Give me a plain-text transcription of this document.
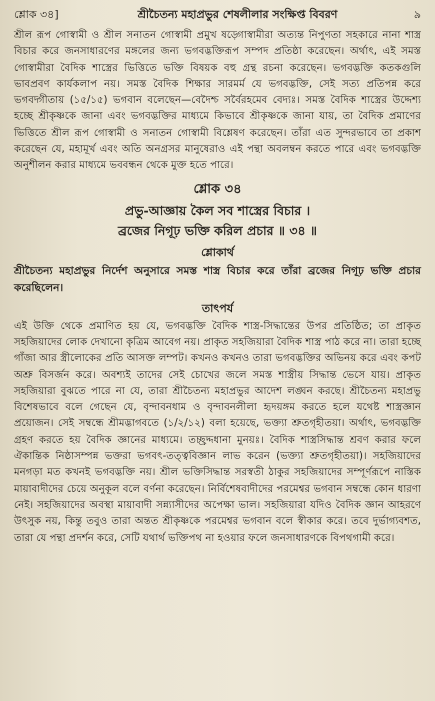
শ্লোক ৩৪]	শ্রীচৈতন্য মহাপ্রভুর শেষলীলার সংক্ষিপ্ত বিবরণ	৯

শ্রীল রূপ গোস্বামী ও শ্রীল সনাতন গোস্বামী প্রমুখ ষড়্গোস্বামীরা অত্যন্ত নিপুণতা সহকারে নানা শাস্ত্র বিচার করে জনসাধারণের মঙ্গলের জন্য ভগবদ্ভক্তিরূপ সম্পদ প্রতিষ্ঠা করেছেন। অর্থাৎ, এই সমস্ত গোস্বামীরা বৈদিক শাস্ত্রের ভিত্তিতে ভক্তি বিষয়ক বহু গ্রন্থ রচনা করেছেন। ভগবদ্ভক্তি কতকগুলি ভাবপ্রবণ কার্যকলাপ নয়। সমস্ত বৈদিক শিক্ষার সারমর্ম যে ভগবদ্ভক্তি, সেই সত্য প্রতিপন্ন করে ভগবদ্গীতায় (১৫/১৫) ভগবান বলেছেন—বেদৈশ্চ সর্বৈরহমেব বেদ্যঃ। সমস্ত বৈদিক শাস্ত্রের উদ্দেশ্য হচ্ছে শ্রীকৃষ্ণকে জানা এবং ভগবদ্ভক্তির মাধ্যমে কিভাবে শ্রীকৃষ্ণকে জানা যায়, তা বৈদিক প্রমাণের ভিত্তিতে শ্রীল রূপ গোস্বামী ও সনাতন গোস্বামী বিশ্লেষণ করেছেন। তাঁরা এত সুন্দরভাবে তা প্রকাশ করেছেন যে, মহামূর্খ এবং অতি অনগ্রসর মানুষেরাও এই পন্থা অবলম্বন করতে পারে এবং ভগবদ্ভক্তি অনুশীলন করার মাধ্যমে ভববন্ধন থেকে মুক্ত হতে পারে।

শ্লোক ৩৪
প্রভু-আজ্ঞায় কৈল সব শাস্ত্রের বিচার ।
ব্রজের নিগূঢ় ভক্তি করিল প্রচার ॥ ৩৪ ॥
শ্লোকার্থ

শ্রীচৈতন্য মহাপ্রভুর নির্দেশ অনুসারে সমস্ত শাস্ত্র বিচার করে তাঁরা ব্রজের নিগূঢ় ভক্তি প্রচার করেছিলেন।

তাৎপর্য

এই উক্তি থেকে প্রমাণিত হয় যে, ভগবদ্ভক্তি বৈদিক শাস্ত্র-সিদ্ধান্তের উপর প্রতিষ্ঠিত; তা প্রাকৃত সহজিয়াদের লোক দেখানো কৃত্রিম আবেগ নয়। প্রাকৃত সহজিয়ারা বৈদিক শাস্ত্র পাঠ করে না। তারা হচ্ছে গাঁজা আর স্ত্রীলোকের প্রতি আসক্ত লম্পট। কখনও কখনও তারা ভগবদ্ভক্তির অভিনয় করে এবং কপট অশ্রু বিসর্জন করে। অবশ্যই তাদের সেই চোখের জলে সমস্ত শাস্ত্রীয় সিদ্ধান্ত ভেসে যায়। প্রাকৃত সহজিয়ারা বুঝতে পারে না যে, তারা শ্রীচৈতন্য মহাপ্রভুর আদেশ লঙ্ঘন করছে। শ্রীচৈতন্য মহাপ্রভু বিশেষভাবে বলে গেছেন যে, বৃন্দাবনধাম ও বৃন্দাবনলীলা হৃদয়ঙ্গম করতে হলে যথেষ্ট শাস্ত্রজ্ঞান প্রয়োজন। সেই সম্বন্ধে শ্রীমদ্ভাগবতে (১/২/১২) বলা হয়েছে, ভক্ত্যা শ্রুতগৃহীতয়া। অর্থাৎ, ভগবদ্ভক্তি গ্রহণ করতে হয় বৈদিক জ্ঞানের মাধ্যমে। তচ্ছ্রদ্দধানা মুনয়ঃ। বৈদিক শাস্ত্রসিদ্ধান্ত শ্রবণ করার ফলে ঐকান্তিক নিষ্ঠাসম্পন্ন ভক্তরা ভগবৎ-তত্ত্ববিজ্ঞান লাভ করেন (ভক্ত্যা শ্রুতগৃহীতয়া)। সহজিয়াদের মনগড়া মত কখনই ভগবদ্ভক্তি নয়। শ্রীল ভক্তিসিদ্ধান্ত সরস্বতী ঠাকুর সহজিয়াদের সম্পূর্ণরূপে নাস্তিক মায়াবাদীদের চেয়ে অনুকূল বলে বর্ণনা করেছেন। নির্বিশেষবাদীদের পরমেশ্বর ভগবান সম্বন্ধে কোন ধারণা নেই। সহজিয়াদের অবস্থা মায়াবাদী সন্ন্যাসীদের অপেক্ষা ভাল। সহজিয়ারা যদিও বৈদিক জ্ঞান আহরণে উৎসুক নয়, কিন্তু তবুও তারা অন্তত শ্রীকৃষ্ণকে পরমেশ্বর ভগবান বলে স্বীকার করে। তবে দুর্ভাগ্যবশত, তারা যে পন্থা প্রদর্শন করে, সেটি যথার্থ ভক্তিপথ না হওয়ার ফলে জনসাধারণকে বিপথগামী করে।
